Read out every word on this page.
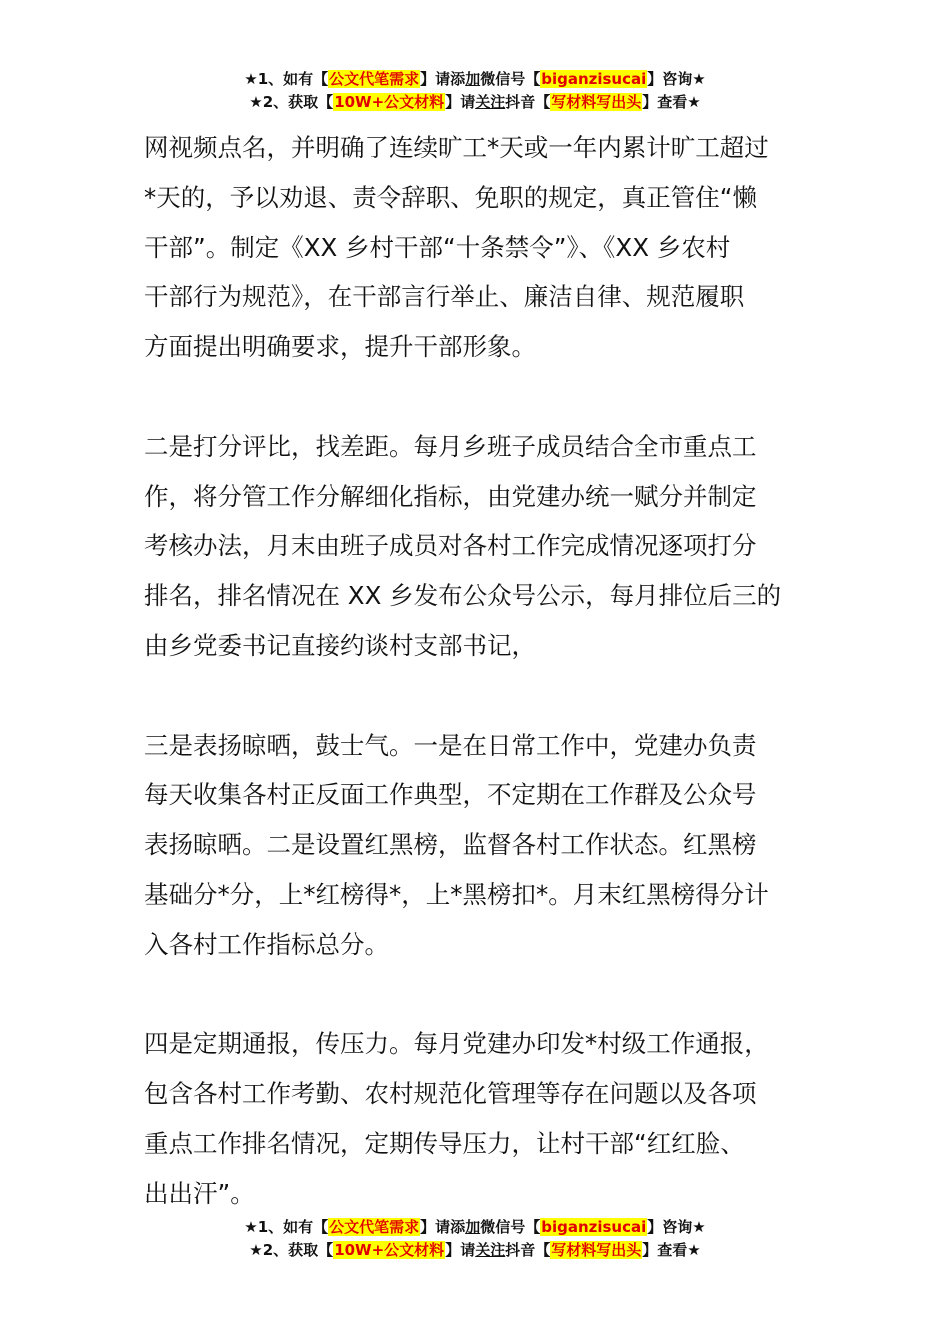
★1、如有【公文代笔需求】请添加微信号【biganzisucai】咨询★
★2、获取【10W+公文材料】请关注抖音【写材料写出头】查看★

网视频点名，并明确了连续旷工*天或一年内累计旷工超过
*天的，予以劝退、责令辞职、免职的规定，真正管住“懒
干部”。制定《XX 乡村干部“十条禁令”》、《XX 乡农村
干部行为规范》，在干部言行举止、廉洁自律、规范履职
方面提出明确要求，提升干部形象。

二是打分评比，找差距。每月乡班子成员结合全市重点工
作，将分管工作分解细化指标，由党建办统一赋分并制定
考核办法，月末由班子成员对各村工作完成情况逐项打分
排名，排名情况在 XX 乡发布公众号公示，每月排位后三的
由乡党委书记直接约谈村支部书记，

三是表扬晾晒，鼓士气。一是在日常工作中，党建办负责
每天收集各村正反面工作典型，不定期在工作群及公众号
表扬晾晒。二是设置红黑榜，监督各村工作状态。红黑榜
基础分*分，上*红榜得*，上*黑榜扣*。月末红黑榜得分计
入各村工作指标总分。

四是定期通报，传压力。每月党建办印发*村级工作通报，
包含各村工作考勤、农村规范化管理等存在问题以及各项
重点工作排名情况，定期传导压力，让村干部“红红脸、
出出汗”。

★1、如有【公文代笔需求】请添加微信号【biganzisucai】咨询★
★2、获取【10W+公文材料】请关注抖音【写材料写出头】查看★
